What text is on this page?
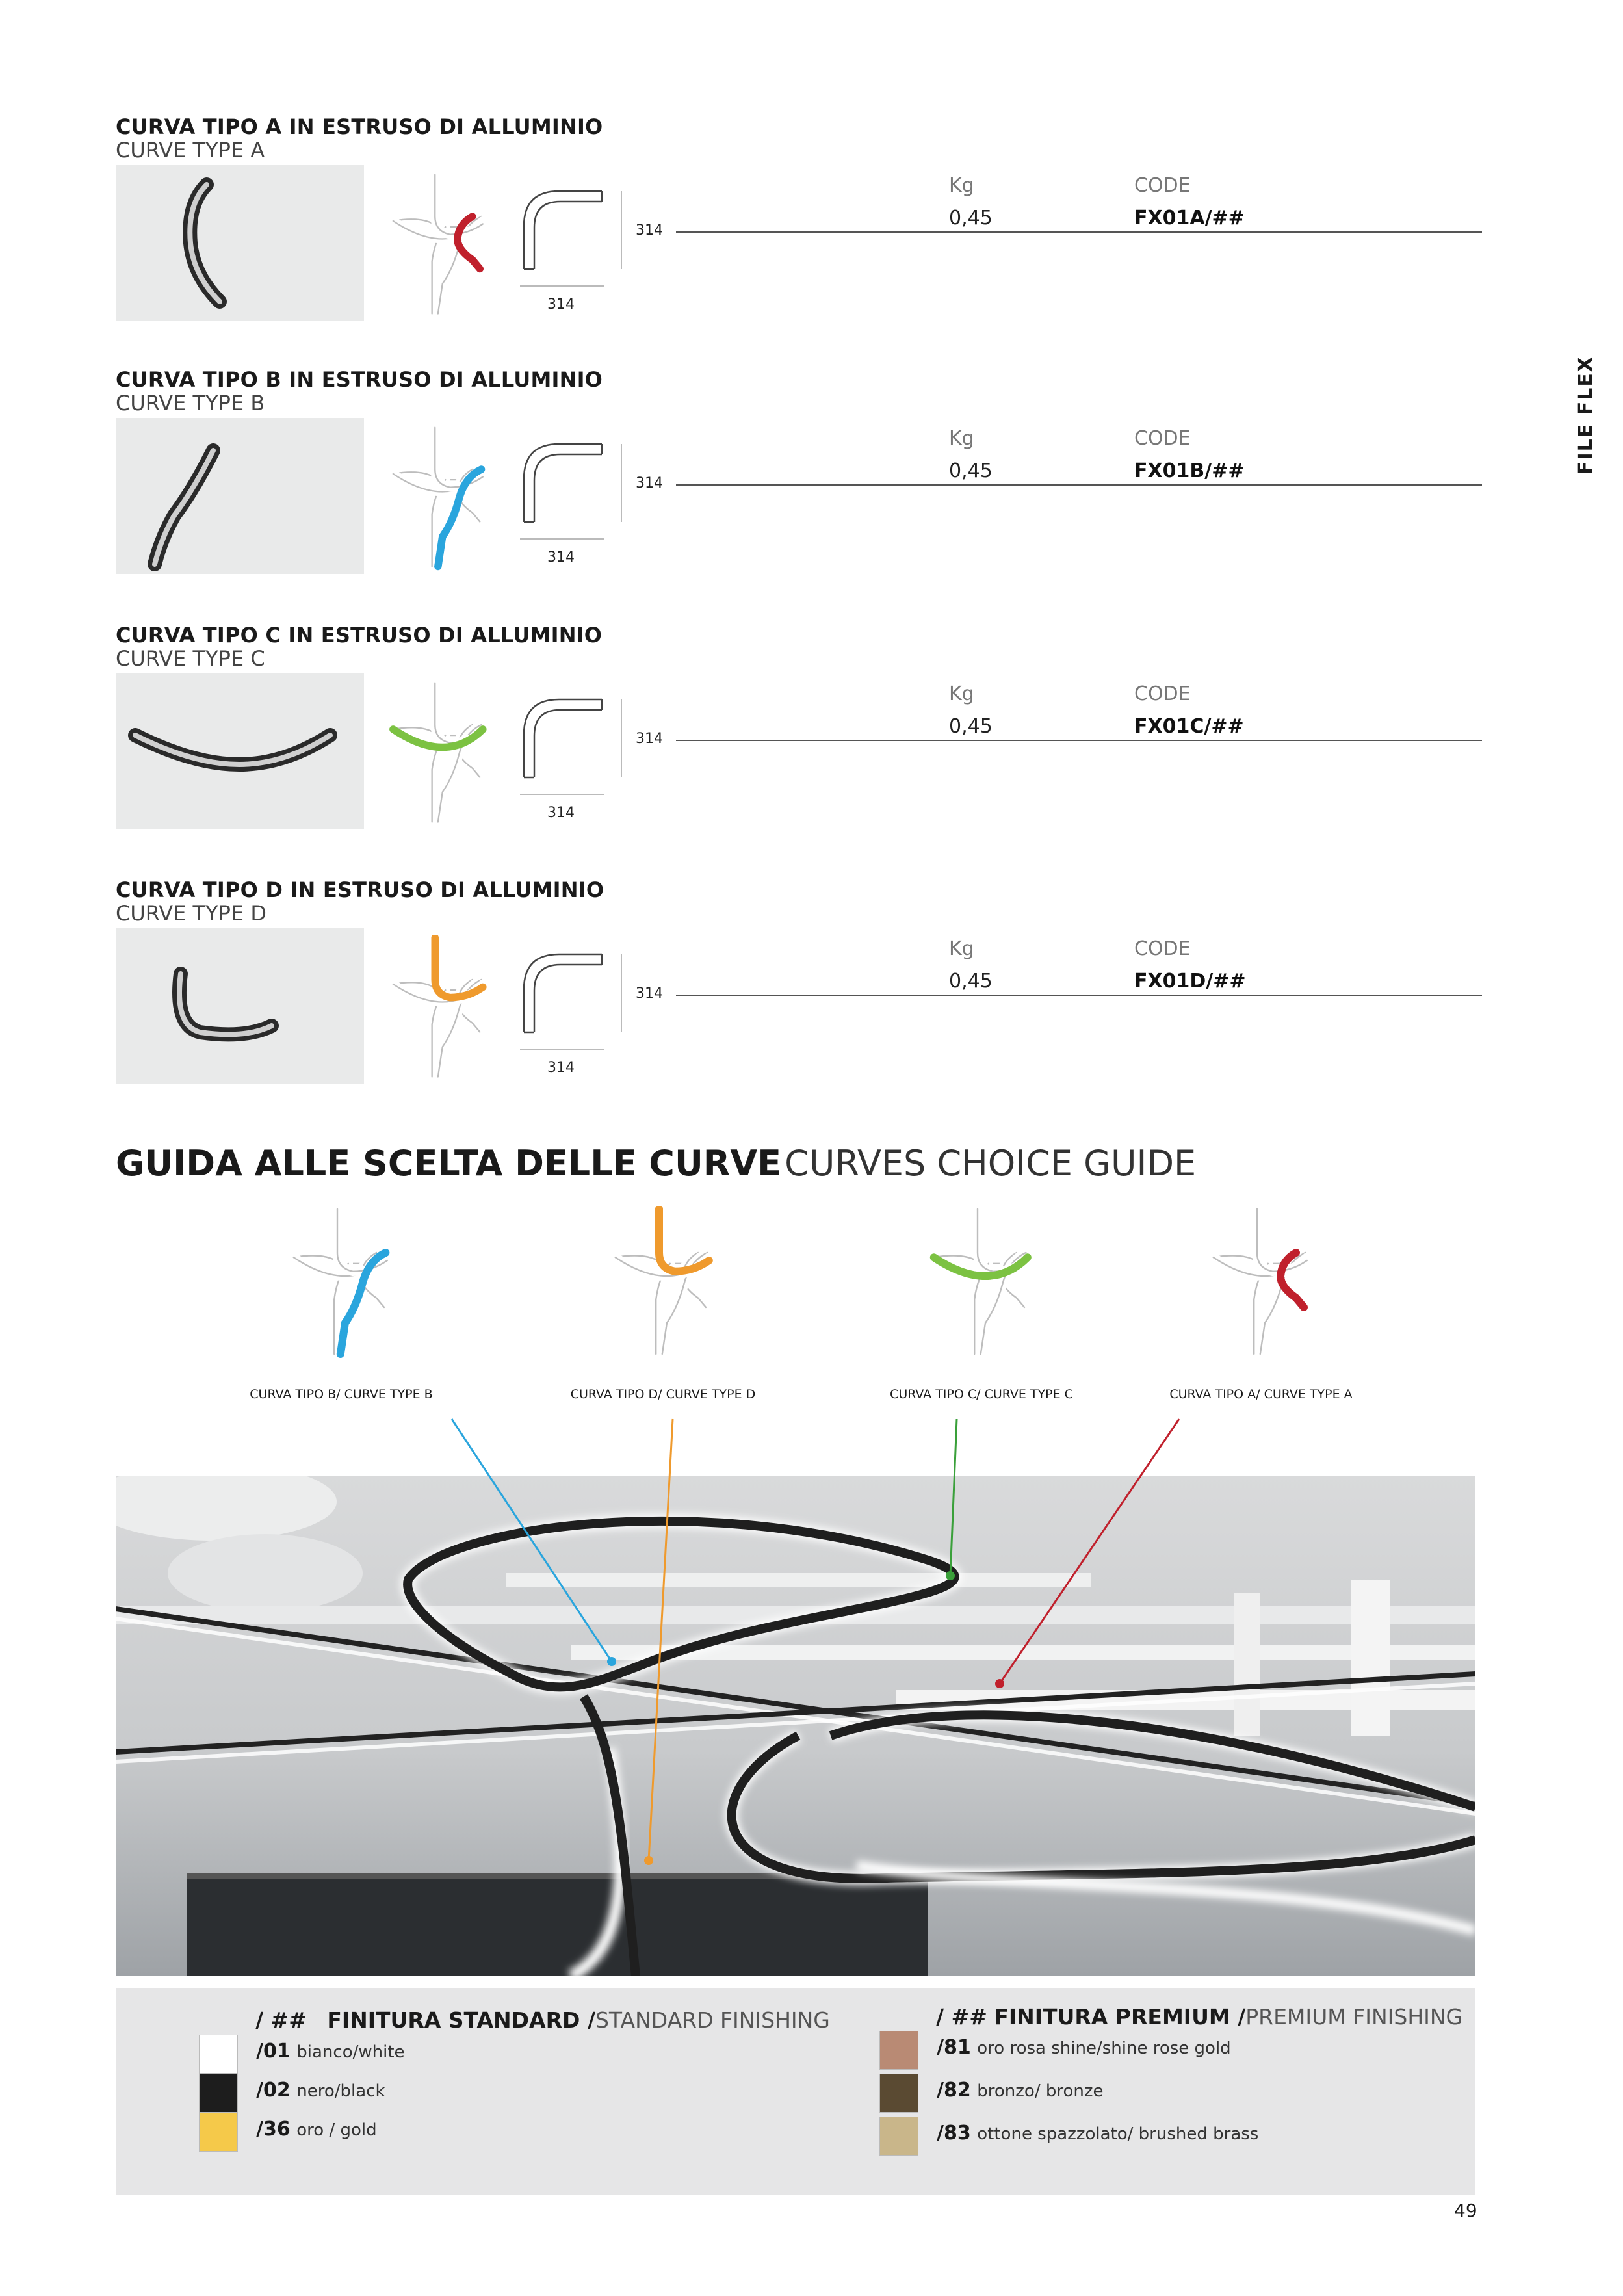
FILE FLEX
CURVA TIPO A IN ESTRUSO DI ALLUMINIO
CURVE TYPE A
314
314
Kg	CODE
0,45	FX01A/##
CURVA TIPO B IN ESTRUSO DI ALLUMINIO
CURVE TYPE B
314
314
Kg	CODE
0,45	FX01B/##
CURVA TIPO C IN ESTRUSO DI ALLUMINIO
CURVE TYPE C
314
314
Kg	CODE
0,45	FX01C/##
CURVA TIPO D IN ESTRUSO DI ALLUMINIO
CURVE TYPE D
314
314
Kg	CODE
0,45	FX01D/##
GUIDA ALLE SCELTA DELLE CURVE CURVES CHOICE GUIDE
CURVA TIPO B/ CURVE TYPE B	CURVA TIPO D/ CURVE TYPE D	CURVA TIPO C/ CURVE TYPE C	CURVA TIPO A/ CURVE TYPE A
/ ## FINITURA STANDARD /STANDARD FINISHING	/ ## FINITURA PREMIUM /PREMIUM FINISHING
/01 bianco/white
/02 nero/black
/36 oro / gold
/81 oro rosa shine/shine rose gold
/82 bronzo/ bronze
/83 ottone spazzolato/ brushed brass
49
